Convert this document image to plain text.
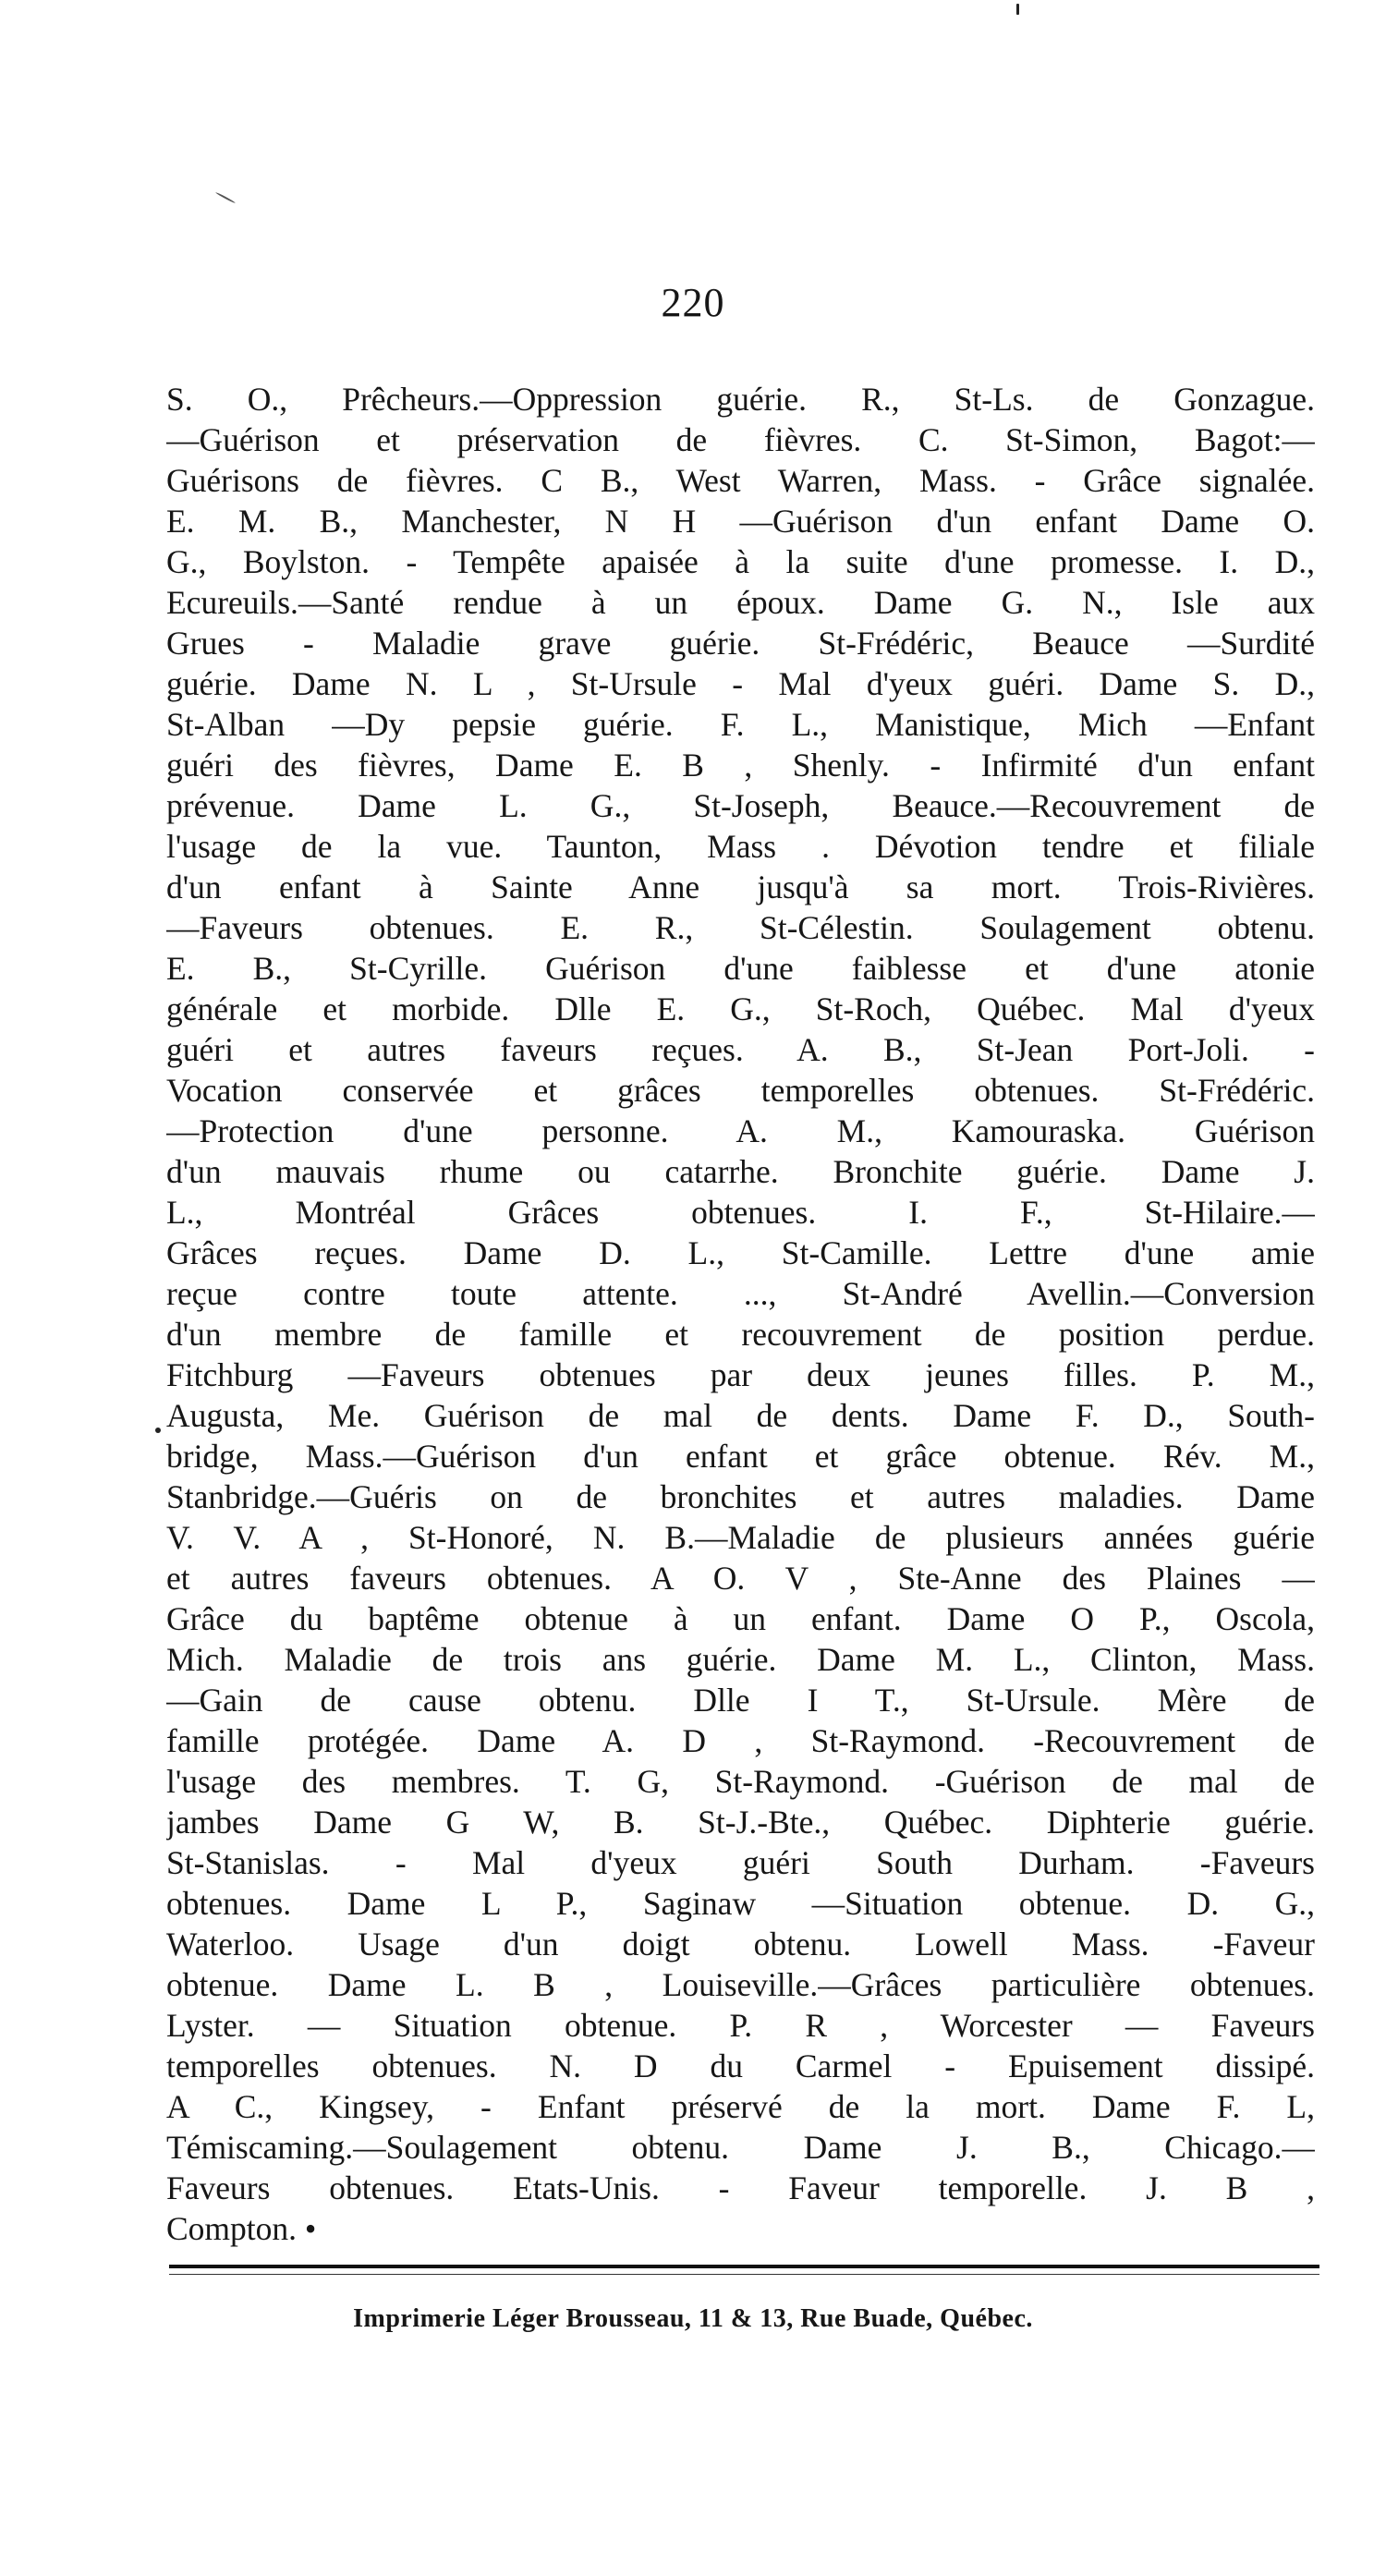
220
S. O., Prêcheurs.—Oppression guérie. R., St-Ls. de Gonzague.
—Guérison et préservation de fièvres. C. St-Simon, Bagot:—
Guérisons de fièvres. C B., West Warren, Mass. - Grâce signalée.
E. M. B., Manchester, N H —Guérison d'un enfant Dame O.
G., Boylston. - Tempête apaisée à la suite d'une promesse. I. D.,
Ecureuils.—Santé rendue à un époux. Dame G. N., Isle aux
Grues - Maladie grave guérie. St-Frédéric, Beauce —Surdité
guérie. Dame N. L , St-Ursule - Mal d'yeux guéri. Dame S. D.,
St-Alban —Dy pepsie guérie. F. L., Manistique, Mich —Enfant
guéri des fièvres, Dame E. B , Shenly. - Infirmité d'un enfant
prévenue. Dame L. G., St-Joseph, Beauce.—Recouvrement de
l'usage de la vue. Taunton, Mass . Dévotion tendre et filiale
d'un enfant à Sainte Anne jusqu'à sa mort. Trois-Rivières.
—Faveurs obtenues. E. R., St-Célestin. Soulagement obtenu.
E. B., St-Cyrille. Guérison d'une faiblesse et d'une atonie
générale et morbide. Dlle E. G., St-Roch, Québec. Mal d'yeux
guéri et autres faveurs reçues. A. B., St-Jean Port-Joli. -
Vocation conservée et grâces temporelles obtenues. St-Frédéric.
—Protection d'une personne. A. M., Kamouraska. Guérison
d'un mauvais rhume ou catarrhe. Bronchite guérie. Dame J.
L., Montréal Grâces obtenues. I. F., St-Hilaire.—
Grâces reçues. Dame D. L., St-Camille. Lettre d'une amie
reçue contre toute attente. ..., St-André Avellin.—Conversion
d'un membre de famille et recouvrement de position perdue.
Fitchburg —Faveurs obtenues par deux jeunes filles. P. M.,
Augusta, Me. Guérison de mal de dents. Dame F. D., South-
bridge, Mass.—Guérison d'un enfant et grâce obtenue. Rév. M.,
Stanbridge.—Guéris on de bronchites et autres maladies. Dame
V. V. A , St-Honoré, N. B.—Maladie de plusieurs années guérie
et autres faveurs obtenues. A O. V , Ste-Anne des Plaines —
Grâce du baptême obtenue à un enfant. Dame O P., Oscola,
Mich. Maladie de trois ans guérie. Dame M. L., Clinton, Mass.
—Gain de cause obtenu. Dlle I T., St-Ursule. Mère de
famille protégée. Dame A. D , St-Raymond. -Recouvrement de
l'usage des membres. T. G, St-Raymond. -Guérison de mal de
jambes Dame G W, B. St-J.-Bte., Québec. Diphterie guérie.
St-Stanislas. - Mal d'yeux guéri South Durham. -Faveurs
obtenues. Dame L P., Saginaw —Situation obtenue. D. G.,
Waterloo. Usage d'un doigt obtenu. Lowell Mass. -Faveur
obtenue. Dame L. B , Louiseville.—Grâces particulière obtenues.
Lyster. — Situation obtenue. P. R , Worcester — Faveurs
temporelles obtenues. N. D du Carmel - Epuisement dissipé.
A C., Kingsey, - Enfant préservé de la mort. Dame F. L,
Témiscaming.—Soulagement obtenu. Dame J. B., Chicago.—
Faveurs obtenues. Etats-Unis. - Faveur temporelle. J. B ,
Compton. •
Imprimerie Léger Brousseau, 11 & 13, Rue Buade, Québec.
